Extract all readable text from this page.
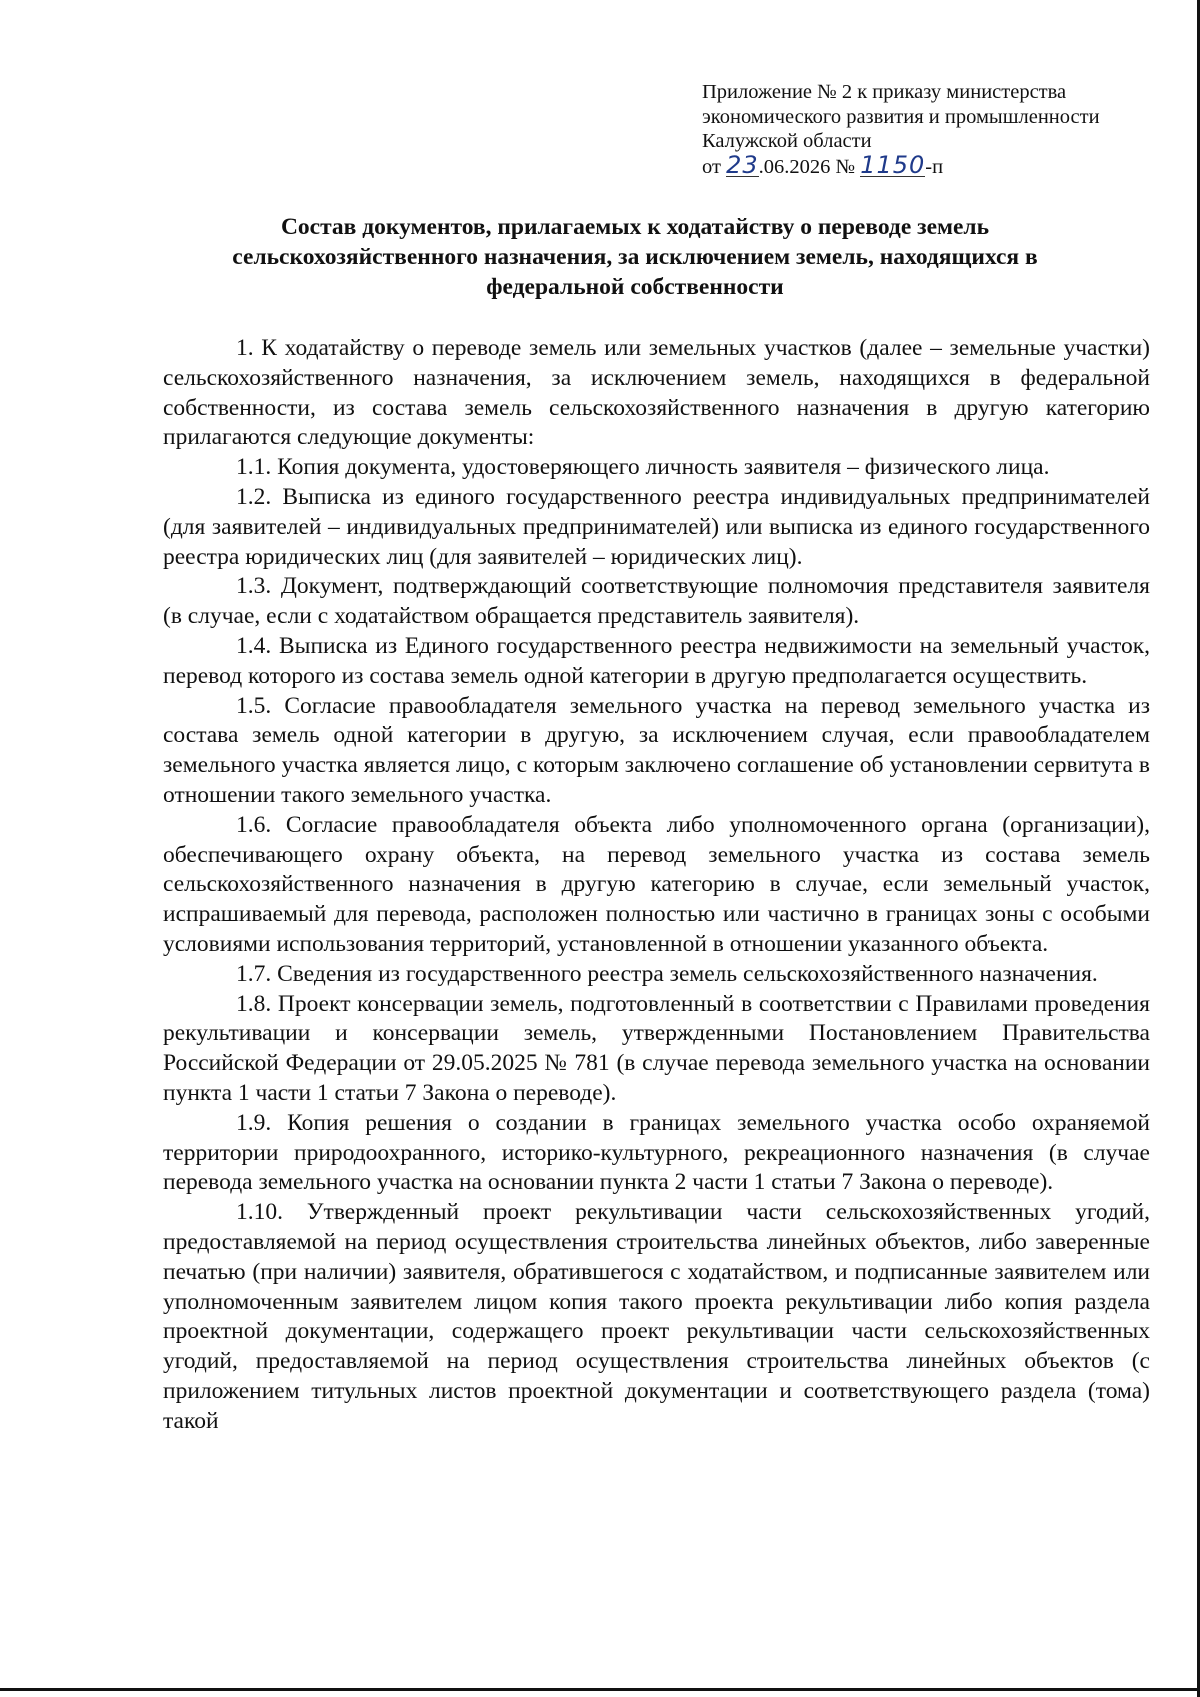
Приложение № 2 к приказу министерства
экономического развития и промышленности
Калужской области
от 23.06.2026 № 1150-п
Состав документов, прилагаемых к ходатайству о переводе земель
сельскохозяйственного назначения, за исключением земель, находящихся в
федеральной собственности

1. К ходатайству о переводе земель или земельных участков (далее – земельные участки) сельскохозяйственного назначения, за исключением земель, находящихся в федеральной собственности, из состава земель сельскохозяйственного назначения в другую категорию прилагаются следующие документы:

1.1. Копия документа, удостоверяющего личность заявителя – физического лица.

1.2. Выписка из единого государственного реестра индивидуальных предпринимателей (для заявителей – индивидуальных предпринимателей) или выписка из единого государственного реестра юридических лиц (для заявителей – юридических лиц).

1.3. Документ, подтверждающий соответствующие полномочия представителя заявителя (в случае, если с ходатайством обращается представитель заявителя).

1.4. Выписка из Единого государственного реестра недвижимости на земельный участок, перевод которого из состава земель одной категории в другую предполагается осуществить.

1.5. Согласие правообладателя земельного участка на перевод земельного участка из состава земель одной категории в другую, за исключением случая, если правообладателем земельного участка является лицо, с которым заключено соглашение об установлении сервитута в отношении такого земельного участка.

1.6. Согласие правообладателя объекта либо уполномоченного органа (организации), обеспечивающего охрану объекта, на перевод земельного участка из состава земель сельскохозяйственного назначения в другую категорию в случае, если земельный участок, испрашиваемый для перевода, расположен полностью или частично в границах зоны с особыми условиями использования территорий, установленной в отношении указанного объекта.

1.7. Сведения из государственного реестра земель сельскохозяйственного назначения.

1.8. Проект консервации земель, подготовленный в соответствии с Правилами проведения рекультивации и консервации земель, утвержденными Постановлением Правительства Российской Федерации от 29.05.2025 № 781 (в случае перевода земельного участка на основании пункта 1 части 1 статьи 7 Закона о переводе).

1.9. Копия решения о создании в границах земельного участка особо охраняемой территории природоохранного, историко-культурного, рекреационного назначения (в случае перевода земельного участка на основании пункта 2 части 1 статьи 7 Закона о переводе).

1.10. Утвержденный проект рекультивации части сельскохозяйственных угодий, предоставляемой на период осуществления строительства линейных объектов, либо заверенные печатью (при наличии) заявителя, обратившегося с ходатайством, и подписанные заявителем или уполномоченным заявителем лицом копия такого проекта рекультивации либо копия раздела проектной документации, содержащего проект рекультивации части сельскохозяйственных угодий, предоставляемой на период осуществления строительства линейных объектов (с приложением титульных листов проектной документации и соответствующего раздела (тома) такой
